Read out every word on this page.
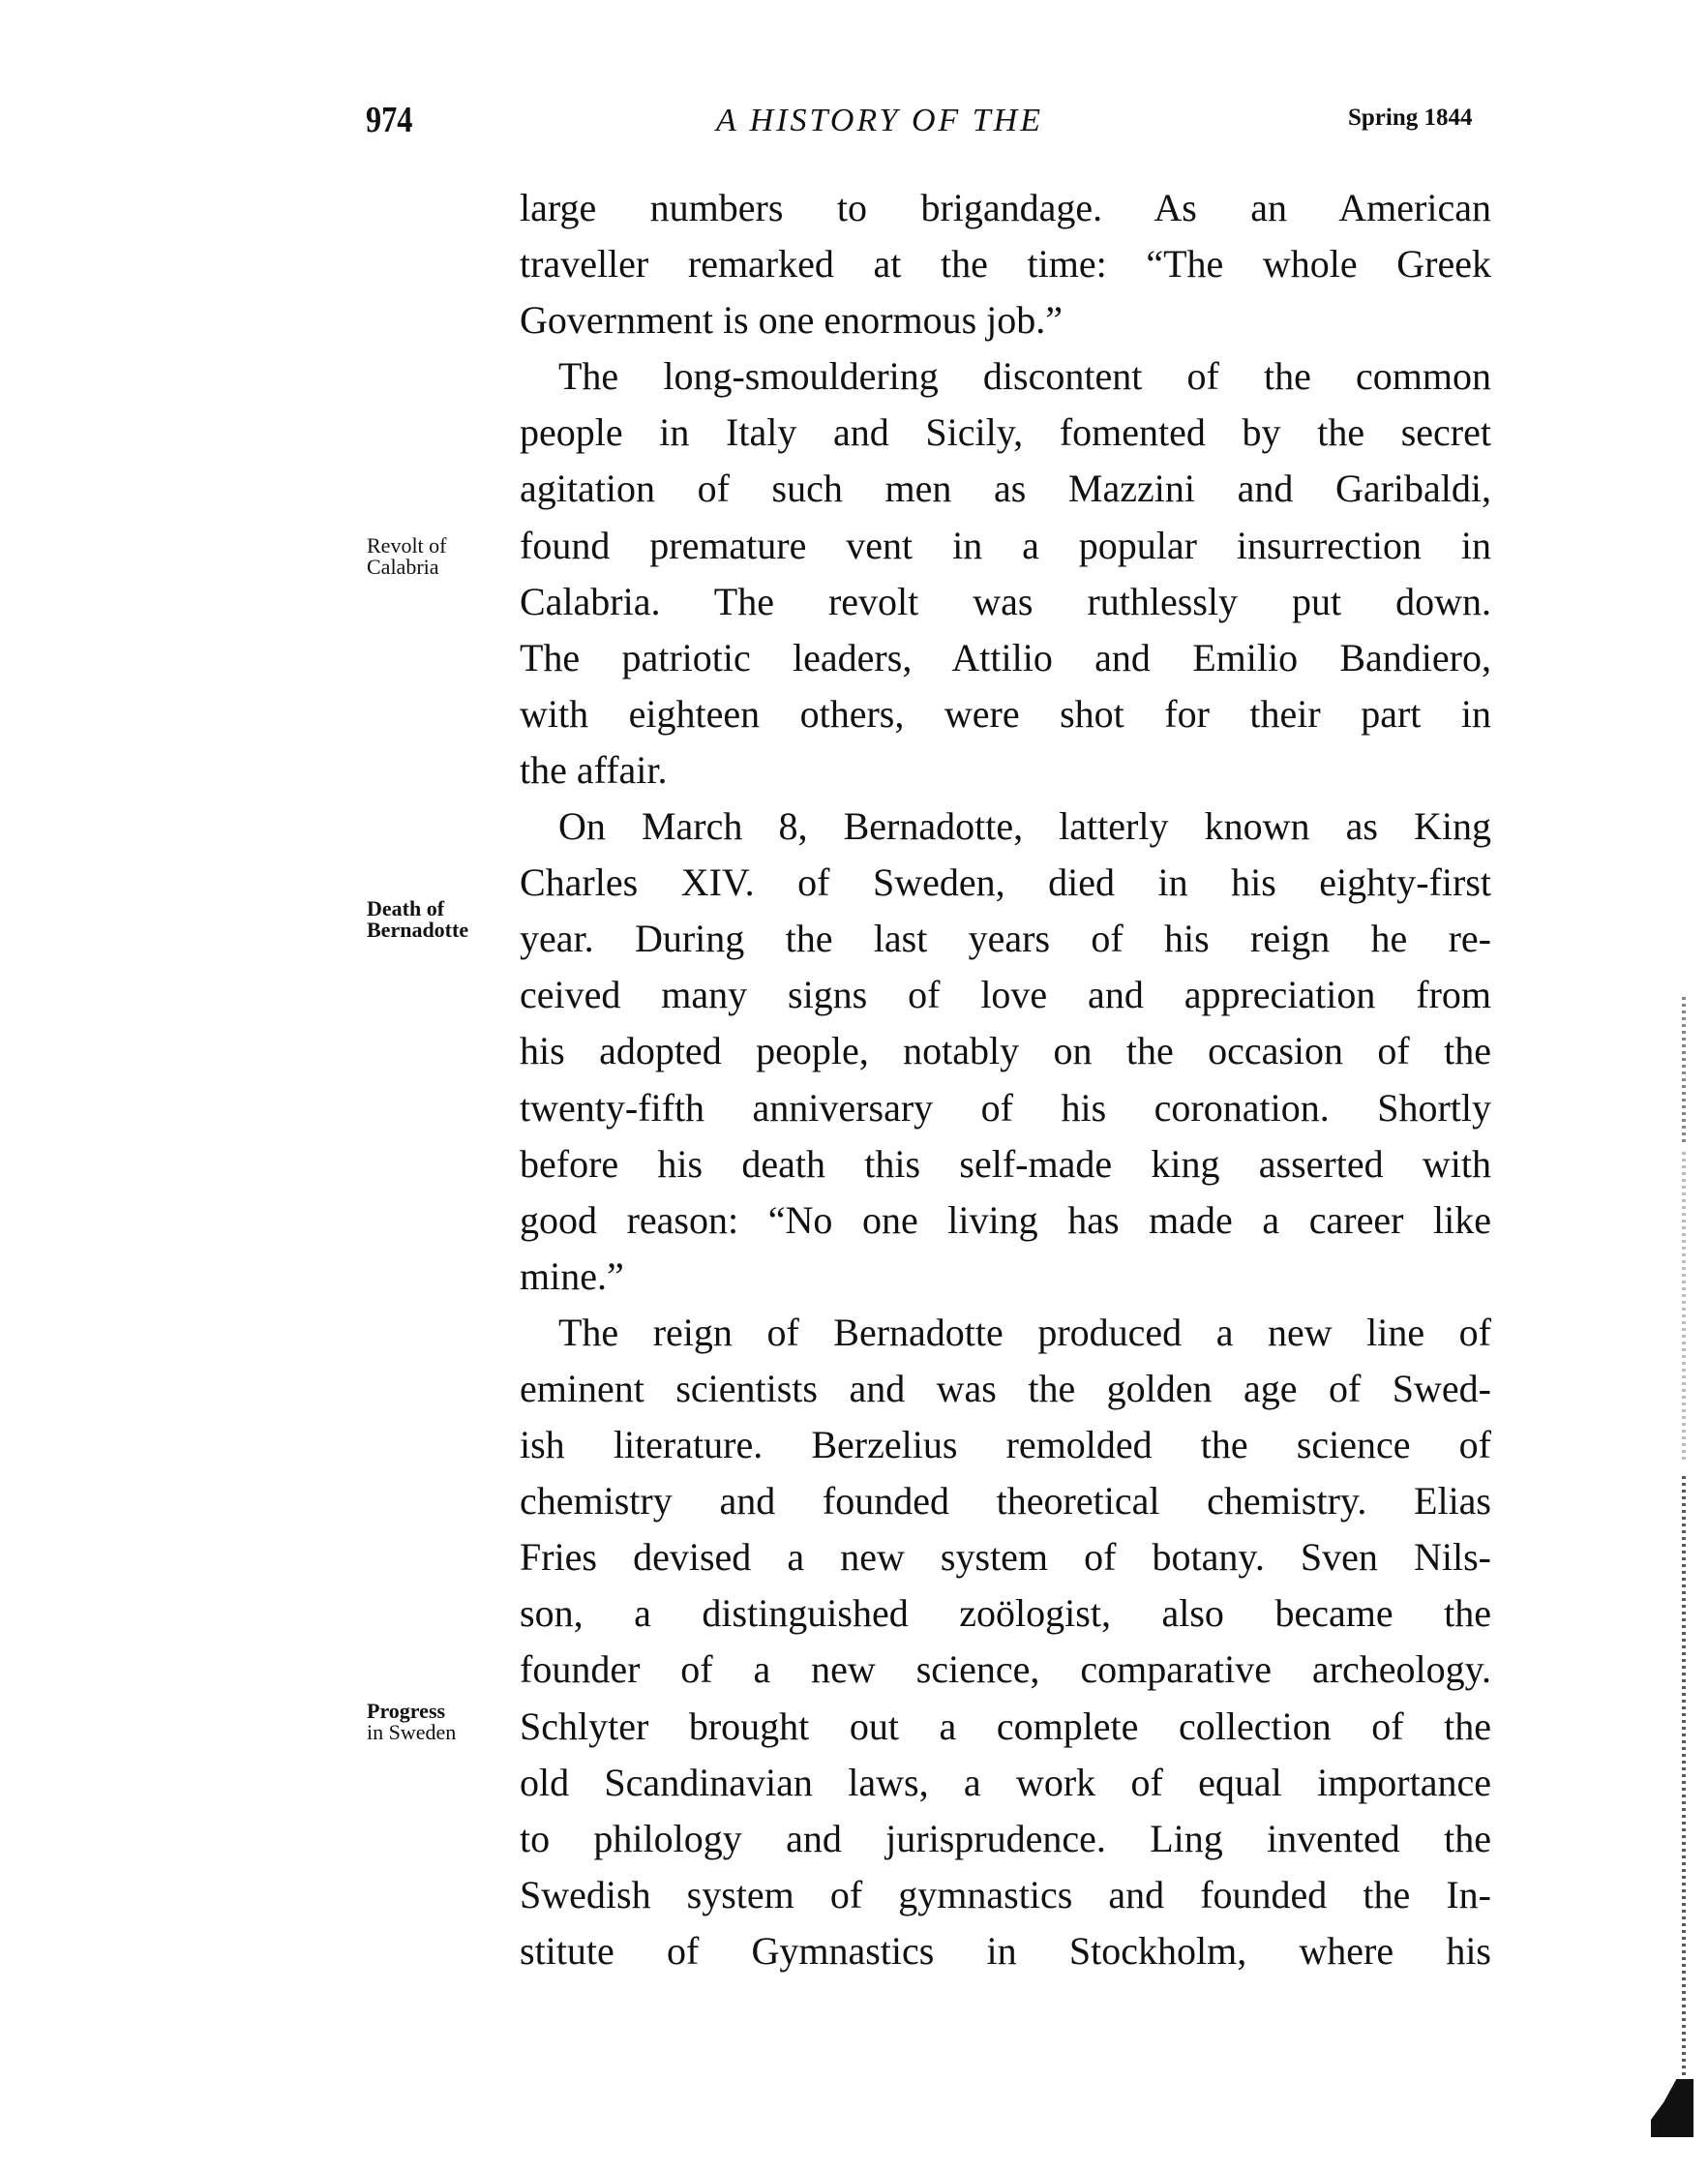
974	A HISTORY OF THE	Spring 1844
Revolt of
Calabria
Death of
Bernadotte
Progress
in Sweden
large numbers to brigandage. As an American
traveller remarked at the time: “The whole Greek
Government is one enormous job.”
The long-smouldering discontent of the common
people in Italy and Sicily, fomented by the secret
agitation of such men as Mazzini and Garibaldi,
found premature vent in a popular insurrection in
Calabria. The revolt was ruthlessly put down.
The patriotic leaders, Attilio and Emilio Bandiero,
with eighteen others, were shot for their part in
the affair.
On March 8, Bernadotte, latterly known as King
Charles XIV. of Sweden, died in his eighty-first
year. During the last years of his reign he re-
ceived many signs of love and appreciation from
his adopted people, notably on the occasion of the
twenty-fifth anniversary of his coronation. Shortly
before his death this self-made king asserted with
good reason: “No one living has made a career like
mine.”
The reign of Bernadotte produced a new line of
eminent scientists and was the golden age of Swed-
ish literature. Berzelius remolded the science of
chemistry and founded theoretical chemistry. Elias
Fries devised a new system of botany. Sven Nils-
son, a distinguished zoölogist, also became the
founder of a new science, comparative archeology.
Schlyter brought out a complete collection of the
old Scandinavian laws, a work of equal importance
to philology and jurisprudence. Ling invented the
Swedish system of gymnastics and founded the In-
stitute of Gymnastics in Stockholm, where his
